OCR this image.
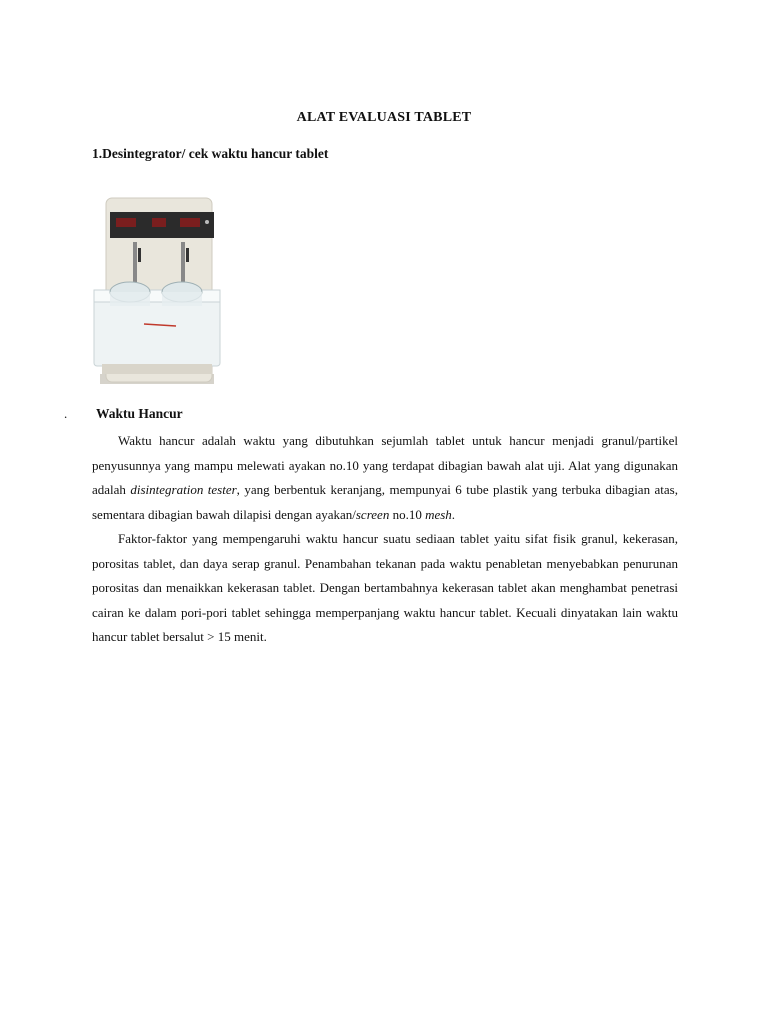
ALAT EVALUASI TABLET
1.Desintegrator/ cek waktu hancur tablet
. Waktu Hancur

Waktu hancur adalah waktu yang dibutuhkan sejumlah tablet untuk hancur menjadi granul/partikel penyusunnya yang mampu melewati ayakan no.10 yang terdapat dibagian bawah alat uji. Alat yang digunakan adalah disintegration tester, yang berbentuk keranjang, mempunyai 6 tube plastik yang terbuka dibagian atas, sementara dibagian bawah dilapisi dengan ayakan/screen no.10 mesh.

Faktor-faktor yang mempengaruhi waktu hancur suatu sediaan tablet yaitu sifat fisik granul, kekerasan, porositas tablet, dan daya serap granul. Penambahan tekanan pada waktu penabletan menyebabkan penurunan porositas dan menaikkan kekerasan tablet. Dengan bertambahnya kekerasan tablet akan menghambat penetrasi cairan ke dalam pori-pori tablet sehingga memperpanjang waktu hancur tablet. Kecuali dinyatakan lain waktu hancur tablet bersalut > 15 menit.
